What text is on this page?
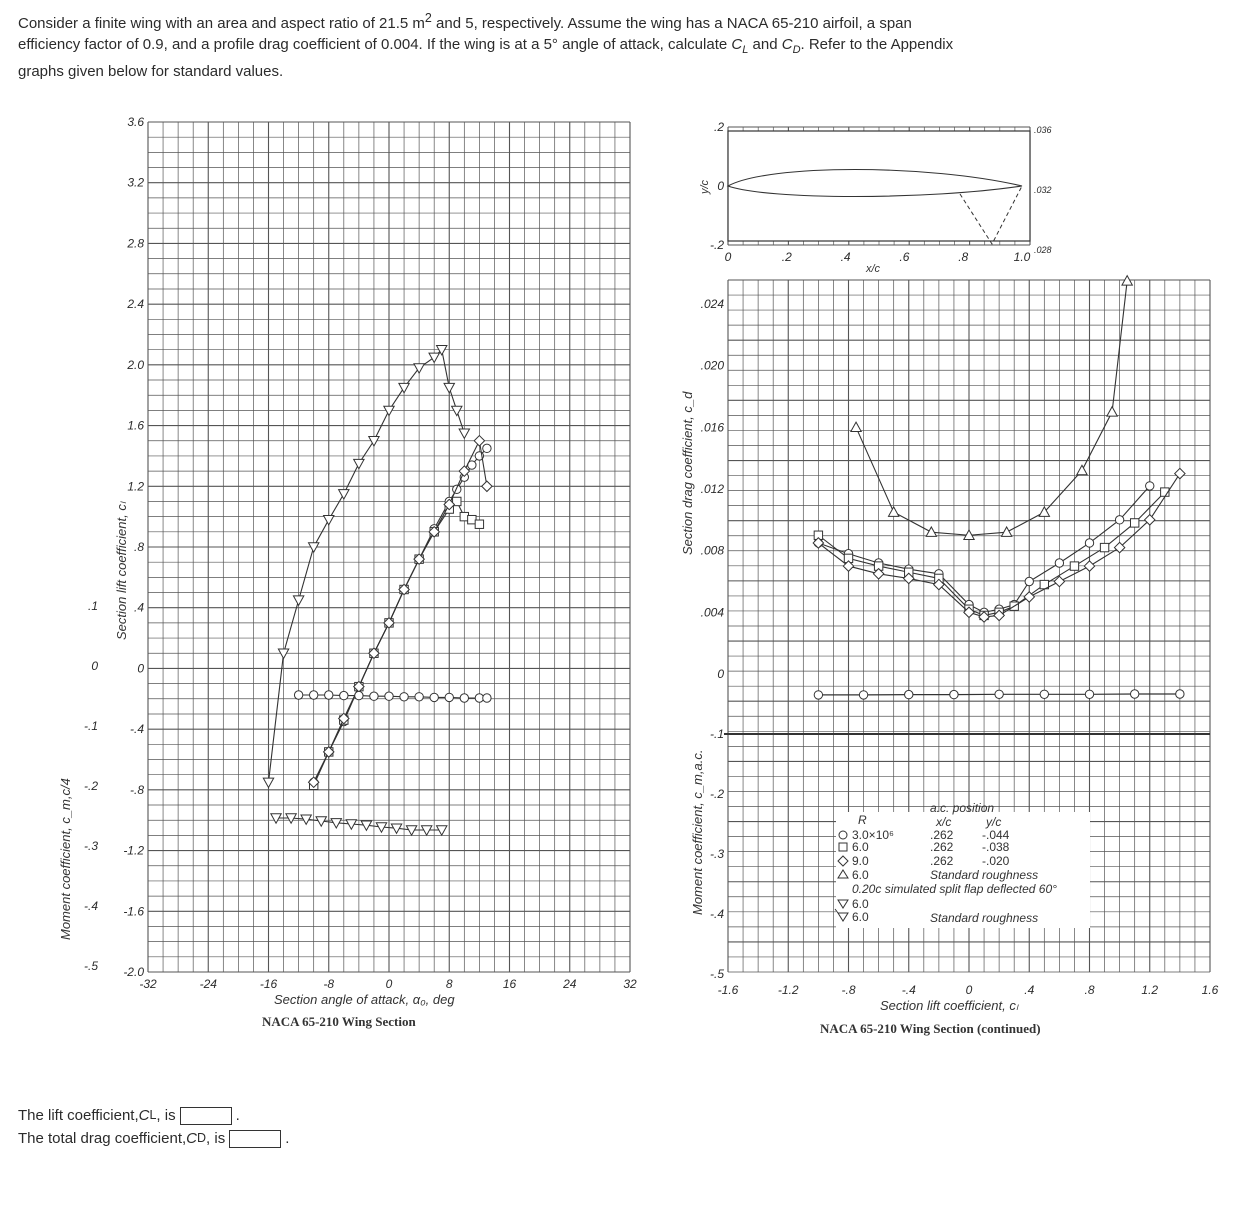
Consider a finite wing with an area and aspect ratio of 21.5 $m^2$ and 5, respectively. Assume the wing has a NACA 65-210 airfoil, a span efficiency factor of 0.9, and a profile drag coefficient of 0.004. If the wing is at a 5° angle of attack, calculate $C_L$ and $C_D$. Refer to the Appendix graphs given below for standard values.
-32	-24	-16	-8	0	8	16	24	32
3.6
3.2
2.8
2.4
2.0
1.6
1.2
.8
.4
0
-.4
-.8
-1.2
-1.6
-2.0
.1
0
-.1
-.2
-.3
-.4
-.5
-1.6	-1.2	-.8	-.4	0	.4	.8	1.2	1.6
.024
.020
.016
.012
.008
.004
0
-.1
-.2
-.3
-.4
-.5
0	.2	.4	.6	.8	1.0
.2
0
-.2
.036
.032
.028
Section lift coefficient, cₗ
Moment coefficient, c_m,c/4
Section angle of attack, α₀, deg
NACA 65-210 Wing Section
Section drag coefficient, c_d
Moment coefficient, c_m,a.c.
Section lift coefficient, cₗ
NACA 65-210 Wing Section (continued)
x/c
y/c
R
a.c. position
x/c	y/c
3.0×10⁶	.262 -.044
6.0	.262 -.038
9.0	.262 -.020
6.0	Standard roughness
0.20c simulated split flap deflected 60°
6.0
6.0	Standard roughness
The lift coefficient, C L , is	.
The total drag coefficient, C D , is	.
